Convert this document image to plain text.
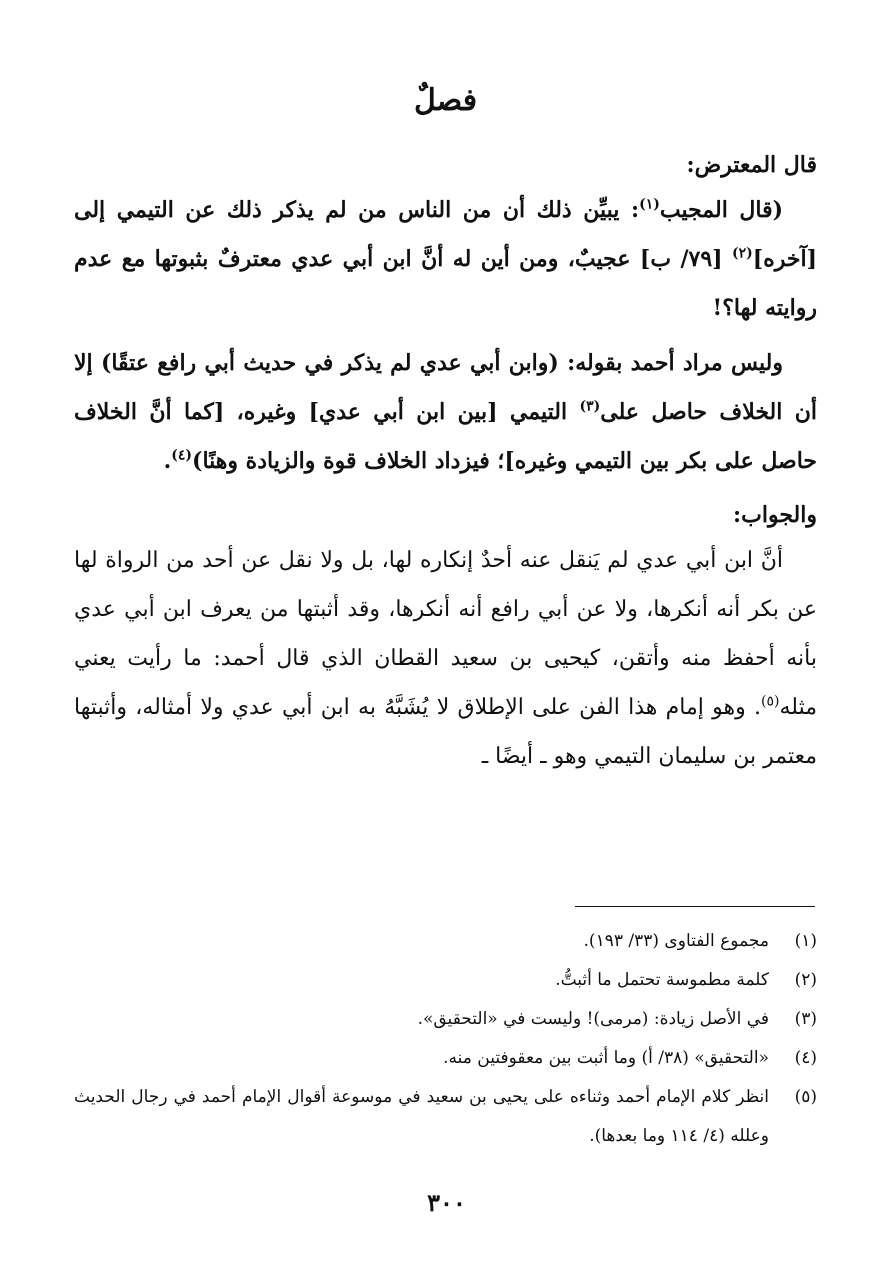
فصلٌ
قال المعترض:

(قال المجيب$^{(١)}$: يبيِّن ذلك أن من الناس من لم يذكر ذلك عن التيمي إلى [آخره]$^{(٢)}$ [٧٩/ ب] عجيبٌ، ومن أين له أنَّ ابن أبي عدي معترفٌ بثبوتها مع عدم روايته لها؟!

وليس مراد أحمد بقوله: (وابن أبي عدي لم يذكر في حديث أبي رافع عتقًا) إلا أن الخلاف حاصل على$^{(٣)}$ التيمي [بين ابن أبي عدي] وغيره، [كما أنَّ الخلاف حاصل على بكر بين التيمي وغيره]؛ فيزداد الخلاف قوة والزيادة وهنًا)$^{(٤)}$.

والجواب:

أنَّ ابن أبي عدي لم يَنقل عنه أحدٌ إنكاره لها، بل ولا نقل عن أحد من الرواة لها عن بكر أنه أنكرها، ولا عن أبي رافع أنه أنكرها، وقد أثبتها من يعرف ابن أبي عدي بأنه أحفظ منه وأتقن، كيحيى بن سعيد القطان الذي قال أحمد: ما رأيت يعني مثله$^{(٥)}$. وهو إمام هذا الفن على الإطلاق لا يُشَبَّهُ به ابن أبي عدي ولا أمثاله، وأثبتها معتمر بن سليمان التيمي وهو ـ أيضًا ـ

(١)
مجموع الفتاوى (٣٣/ ١٩٣).
(٢)
كلمة مطموسة تحتمل ما أثبتُّ.
(٣)
في الأصل زيادة: (مرمى)! وليست في «التحقيق».
(٤)
«التحقيق» (٣٨/ أ) وما أثبت بين معقوفتين منه.
(٥)
انظر كلام الإمام أحمد وثناءه على يحيى بن سعيد في موسوعة أقوال الإمام أحمد في رجال الحديث وعلله (٤/ ١١٤ وما بعدها).
٣٠٠
